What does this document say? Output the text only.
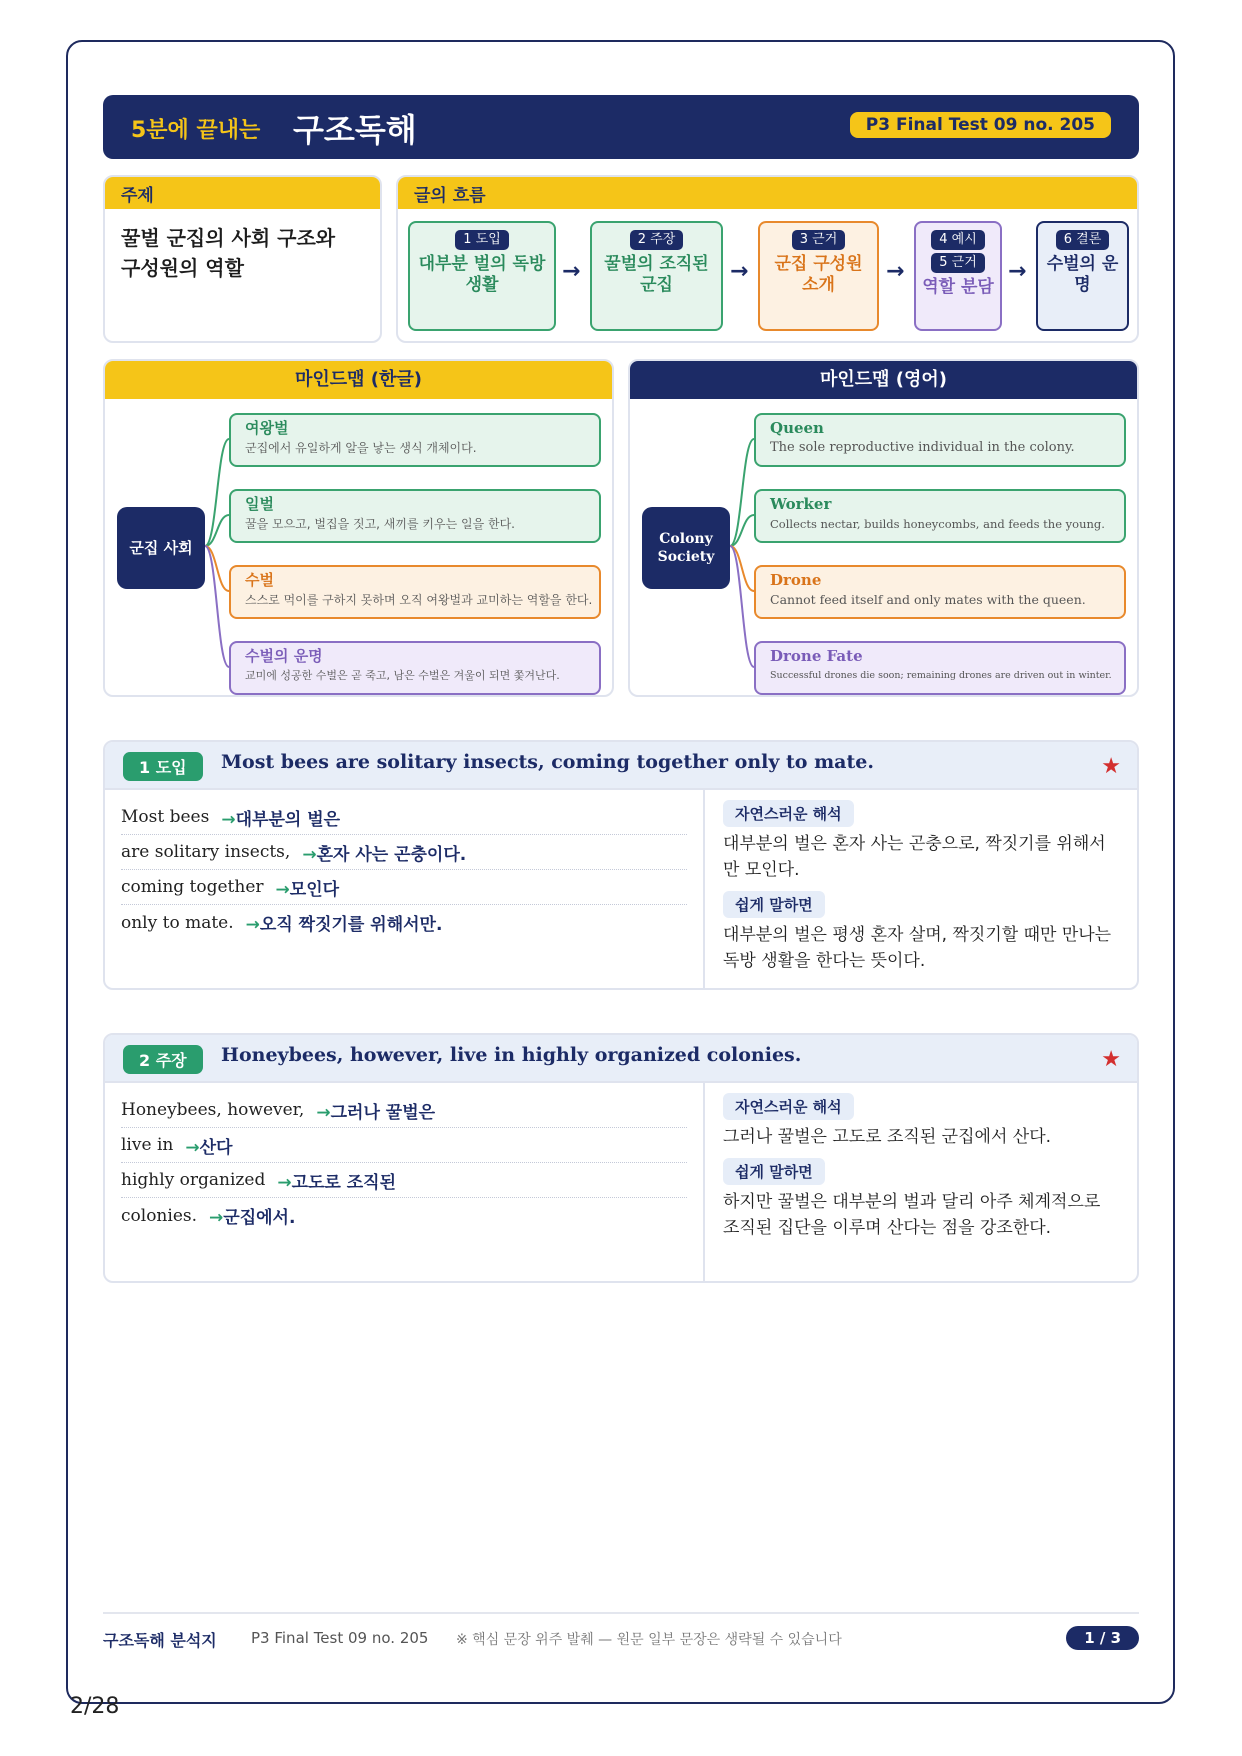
2/28
5분에 끝내는 구조독해	P3 Final Test 09 no. 205
주제
꿀벌 군집의 사회 구조와 구성원의 역할
글의 흐름
1 도입
대부분 벌의 독방 생활
→
2 주장
꿀벌의 조직된 군집
→
3 근거
군집 구성원 소개
→
4 예시
5 근거
역할 분담
→
6 결론
수벌의 운명
마인드맵 (한글)
군집 사회
여왕벌
군집에서 유일하게 알을 낳는 생식 개체이다.
일벌
꿀을 모으고, 벌집을 짓고, 새끼를 키우는 일을 한다.
수벌
스스로 먹이를 구하지 못하며 오직 여왕벌과 교미하는 역할을 한다.
수벌의 운명
교미에 성공한 수벌은 곧 죽고, 남은 수벌은 겨울이 되면 쫓겨난다.
마인드맵 (영어)
Colony Society
Queen
The sole reproductive individual in the colony.
Worker
Collects nectar, builds honeycombs, and feeds the young.
Drone
Cannot feed itself and only mates with the queen.
Drone Fate
Successful drones die soon; remaining drones are driven out in winter.
1 도입	Most bees are solitary insects, coming together only to mate.	★
Most bees	→ 대부분의 벌은
are solitary insects,	→ 혼자 사는 곤충이다.
coming together	→ 모인다
only to mate.	→ 오직 짝짓기를 위해서만.
자연스러운 해석
대부분의 벌은 혼자 사는 곤충으로, 짝짓기를 위해서만 모인다.
쉽게 말하면
대부분의 벌은 평생 혼자 살며, 짝짓기할 때만 만나는 독방 생활을 한다는 뜻이다.
2 주장	Honeybees, however, live in highly organized colonies.	★
Honeybees, however,	→ 그러나 꿀벌은
live in	→ 산다
highly organized	→ 고도로 조직된
colonies.	→ 군집에서.
자연스러운 해석
그러나 꿀벌은 고도로 조직된 군집에서 산다.
쉽게 말하면
하지만 꿀벌은 대부분의 벌과 달리 아주 체계적으로 조직된 집단을 이루며 산다는 점을 강조한다.
구조독해 분석지 P3 Final Test 09 no. 205 ※ 핵심 문장 위주 발췌 — 원문 일부 문장은 생략될 수 있습니다	1 / 3
